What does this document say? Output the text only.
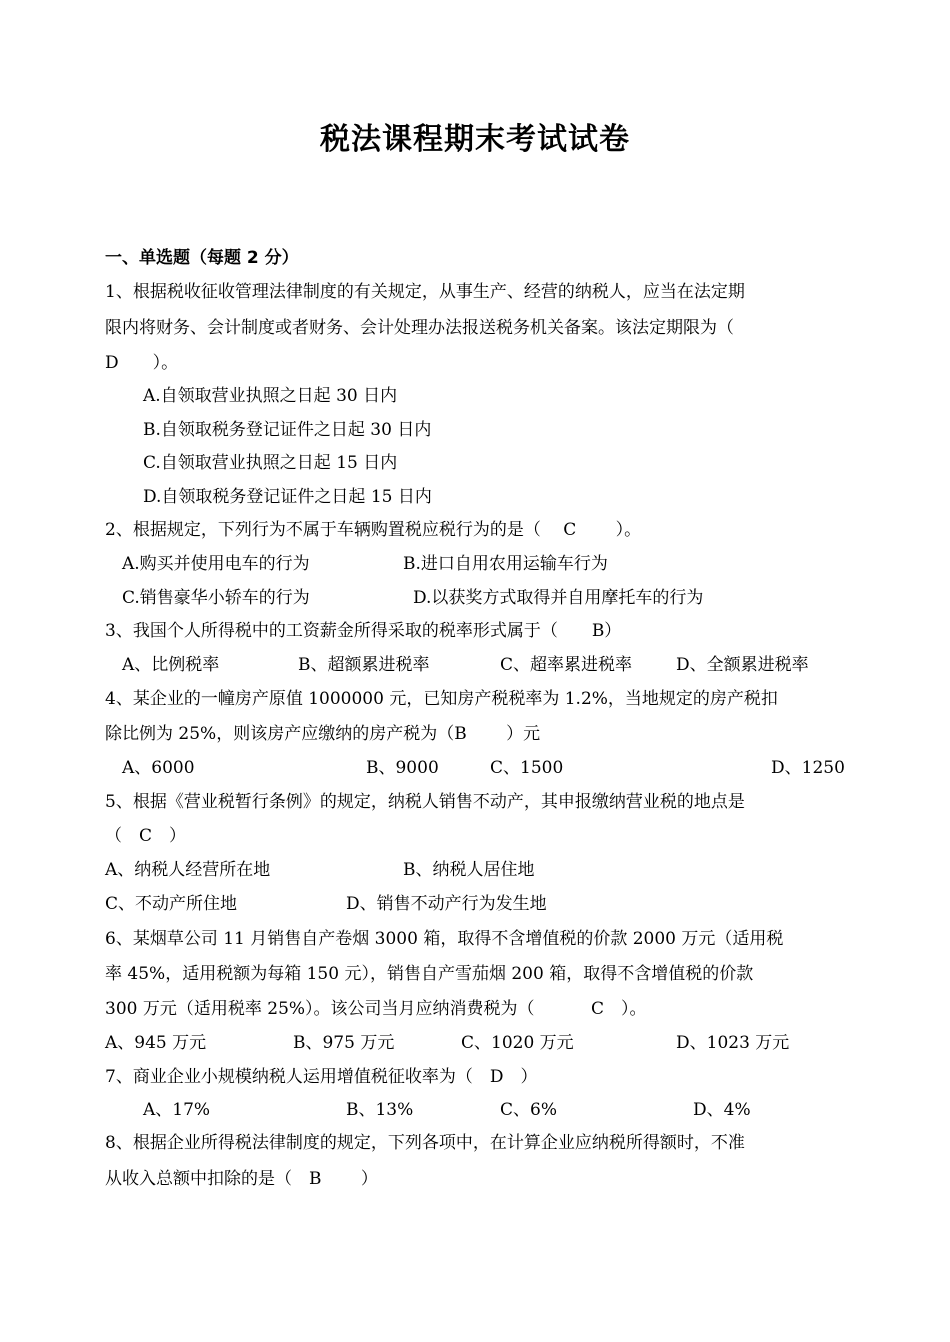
税法课程期末考试试卷
一、单选题（每题 2 分）
1、根据税收征收管理法律制度的有关规定，从事生产、经营的纳税人，应当在法定期
限内将财务、会计制度或者财务、会计处理办法报送税务机关备案。该法定期限为（
D　　）。
A.自领取营业执照之日起 30 日内
B.自领取税务登记证件之日起 30 日内
C.自领取营业执照之日起 15 日内
D.自领取税务登记证件之日起 15 日内
2、根据规定，下列行为不属于车辆购置税应税行为的是（　 C　　 ）。
A.购买并使用电车的行为	B.进口自用农用运输车行为
C.销售豪华小轿车的行为	D.以获奖方式取得并自用摩托车的行为
3、我国个人所得税中的工资薪金所得采取的税率形式属于（　　B）
A、比例税率	B、超额累进税率	C、超率累进税率	D、全额累进税率
4、某企业的一幢房产原值 1000000 元，已知房产税税率为 1.2%，当地规定的房产税扣
除比例为 25%，则该房产应缴纳的房产税为（B　　 ）元
A、6000	B、9000	C、1500	D、1250
5、根据《营业税暂行条例》的规定，纳税人销售不动产，其申报缴纳营业税的地点是
（　C　）
A、纳税人经营所在地	B、纳税人居住地
C、不动产所住地	D、销售不动产行为发生地
6、某烟草公司 11 月销售自产卷烟 3000 箱，取得不含增值税的价款 2000 万元（适用税
率 45%，适用税额为每箱 150 元），销售自产雪茄烟 200 箱，取得不含增值税的价款
300 万元（适用税率 25%）。该公司当月应纳消费税为（　　 　C　）。
A、945 万元	B、975 万元	C、1020 万元	D、1023 万元
7、商业企业小规模纳税人运用增值税征收率为（　D　）
A、17%	B、13%	C、6%	D、4%
8、根据企业所得税法律制度的规定，下列各项中，在计算企业应纳税所得额时，不准
从收入总额中扣除的是（　B　　 ）
